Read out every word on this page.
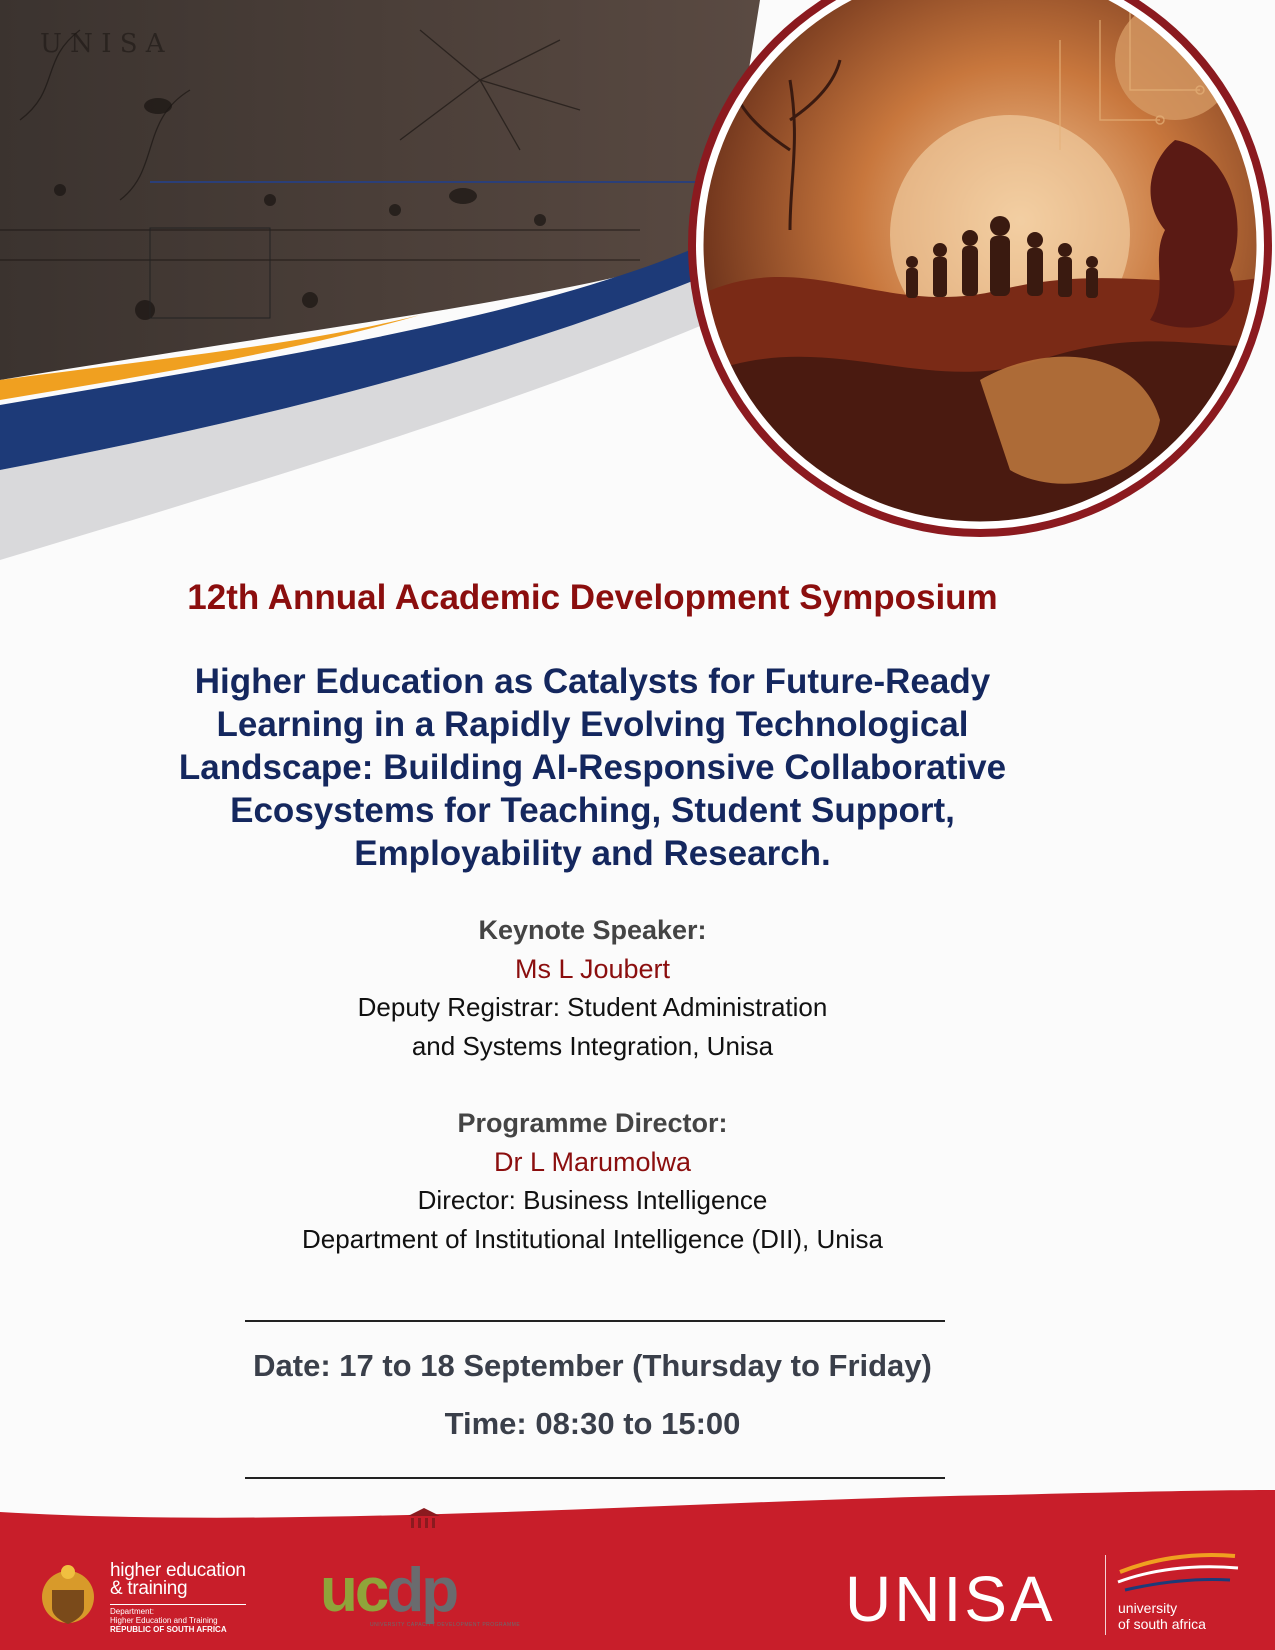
U N I S A
12th Annual Academic Development Symposium
Higher Education as Catalysts for Future-Ready
Learning in a Rapidly Evolving Technological
Landscape: Building AI-Responsive Collaborative
Ecosystems for Teaching, Student Support,
Employability and Research.
Keynote Speaker:
Ms L Joubert
Deputy Registrar: Student Administration
and Systems Integration, Unisa
Programme Director:
Dr L Marumolwa
Director: Business Intelligence
Department of Institutional Intelligence (DII), Unisa
Date: 17 to 18 September (Thursday to Friday)
Time: 08:30 to 15:00
higher education
& training
Department:
Higher Education and Training
REPUBLIC OF SOUTH AFRICA
ucdp
UNIVERSITY CAPACITY DEVELOPMENT PROGRAMME	UNISA	university
of south africa
